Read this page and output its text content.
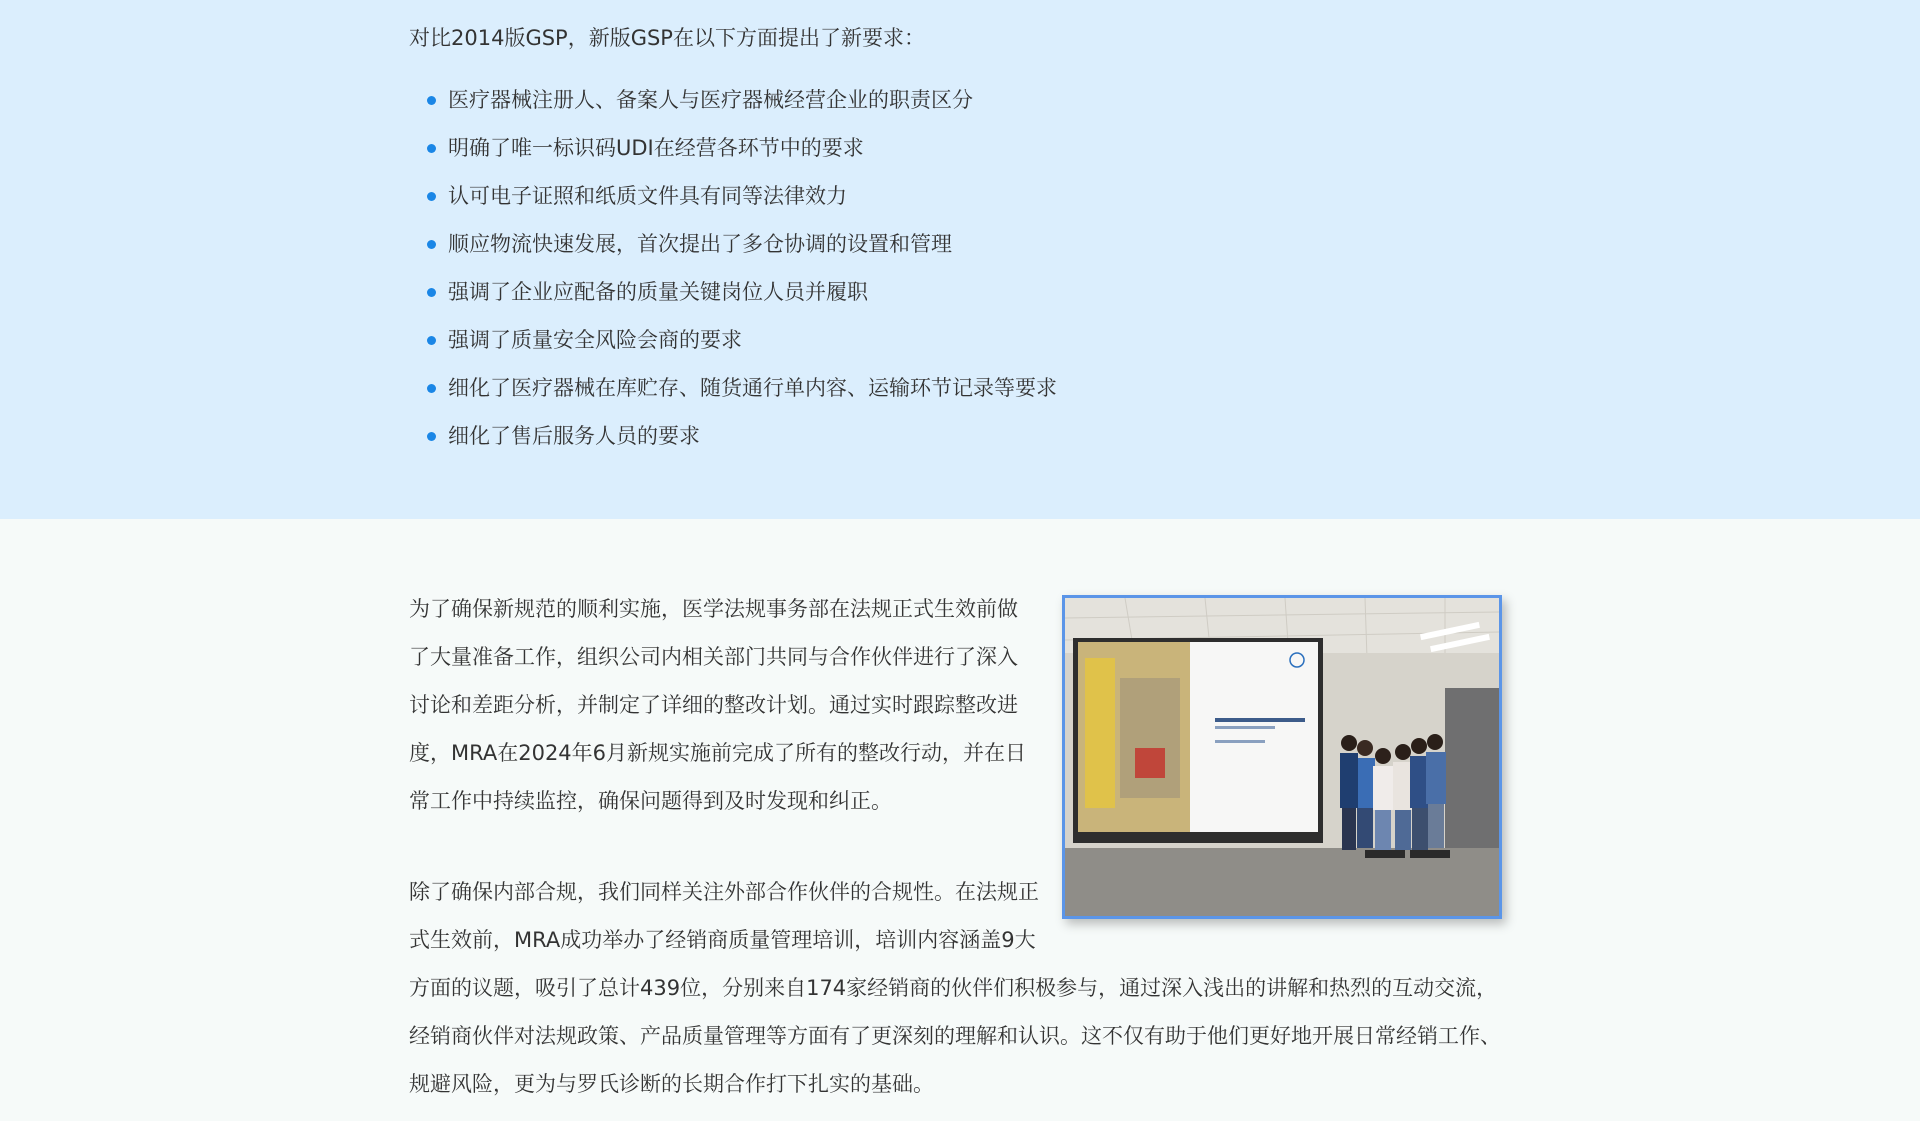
对比2014版GSP，新版GSP在以下方面提出了新要求：
医疗器械注册人、备案人与医疗器械经营企业的职责区分
明确了唯一标识码UDI在经营各环节中的要求
认可电子证照和纸质文件具有同等法律效力
顺应物流快速发展，首次提出了多仓协调的设置和管理
强调了企业应配备的质量关键岗位人员并履职
强调了质量安全风险会商的要求
细化了医疗器械在库贮存、随货通行单内容、运输环节记录等要求
细化了售后服务人员的要求

为了确保新规范的顺利实施，医学法规事务部在法规正式生效前做了大量准备工作，组织公司内相关部门共同与合作伙伴进行了深入讨论和差距分析，并制定了详细的整改计划。通过实时跟踪整改进度，MRA在2024年6月新规实施前完成了所有的整改行动，并在日常工作中持续监控，确保问题得到及时发现和纠正。

除了确保内部合规，我们同样关注外部合作伙伴的合规性。在法规正式生效前，MRA成功举办了经销商质量管理培训，培训内容涵盖9大方面的议题，吸引了总计439位，分别来自174家经销商的伙伴们积极参与，通过深入浅出的讲解和热烈的互动交流，经销商伙伴对法规政策、产品质量管理等方面有了更深刻的理解和认识。这不仅有助于他们更好地开展日常经销工作、规避风险，更为与罗氏诊断的长期合作打下扎实的基础。
